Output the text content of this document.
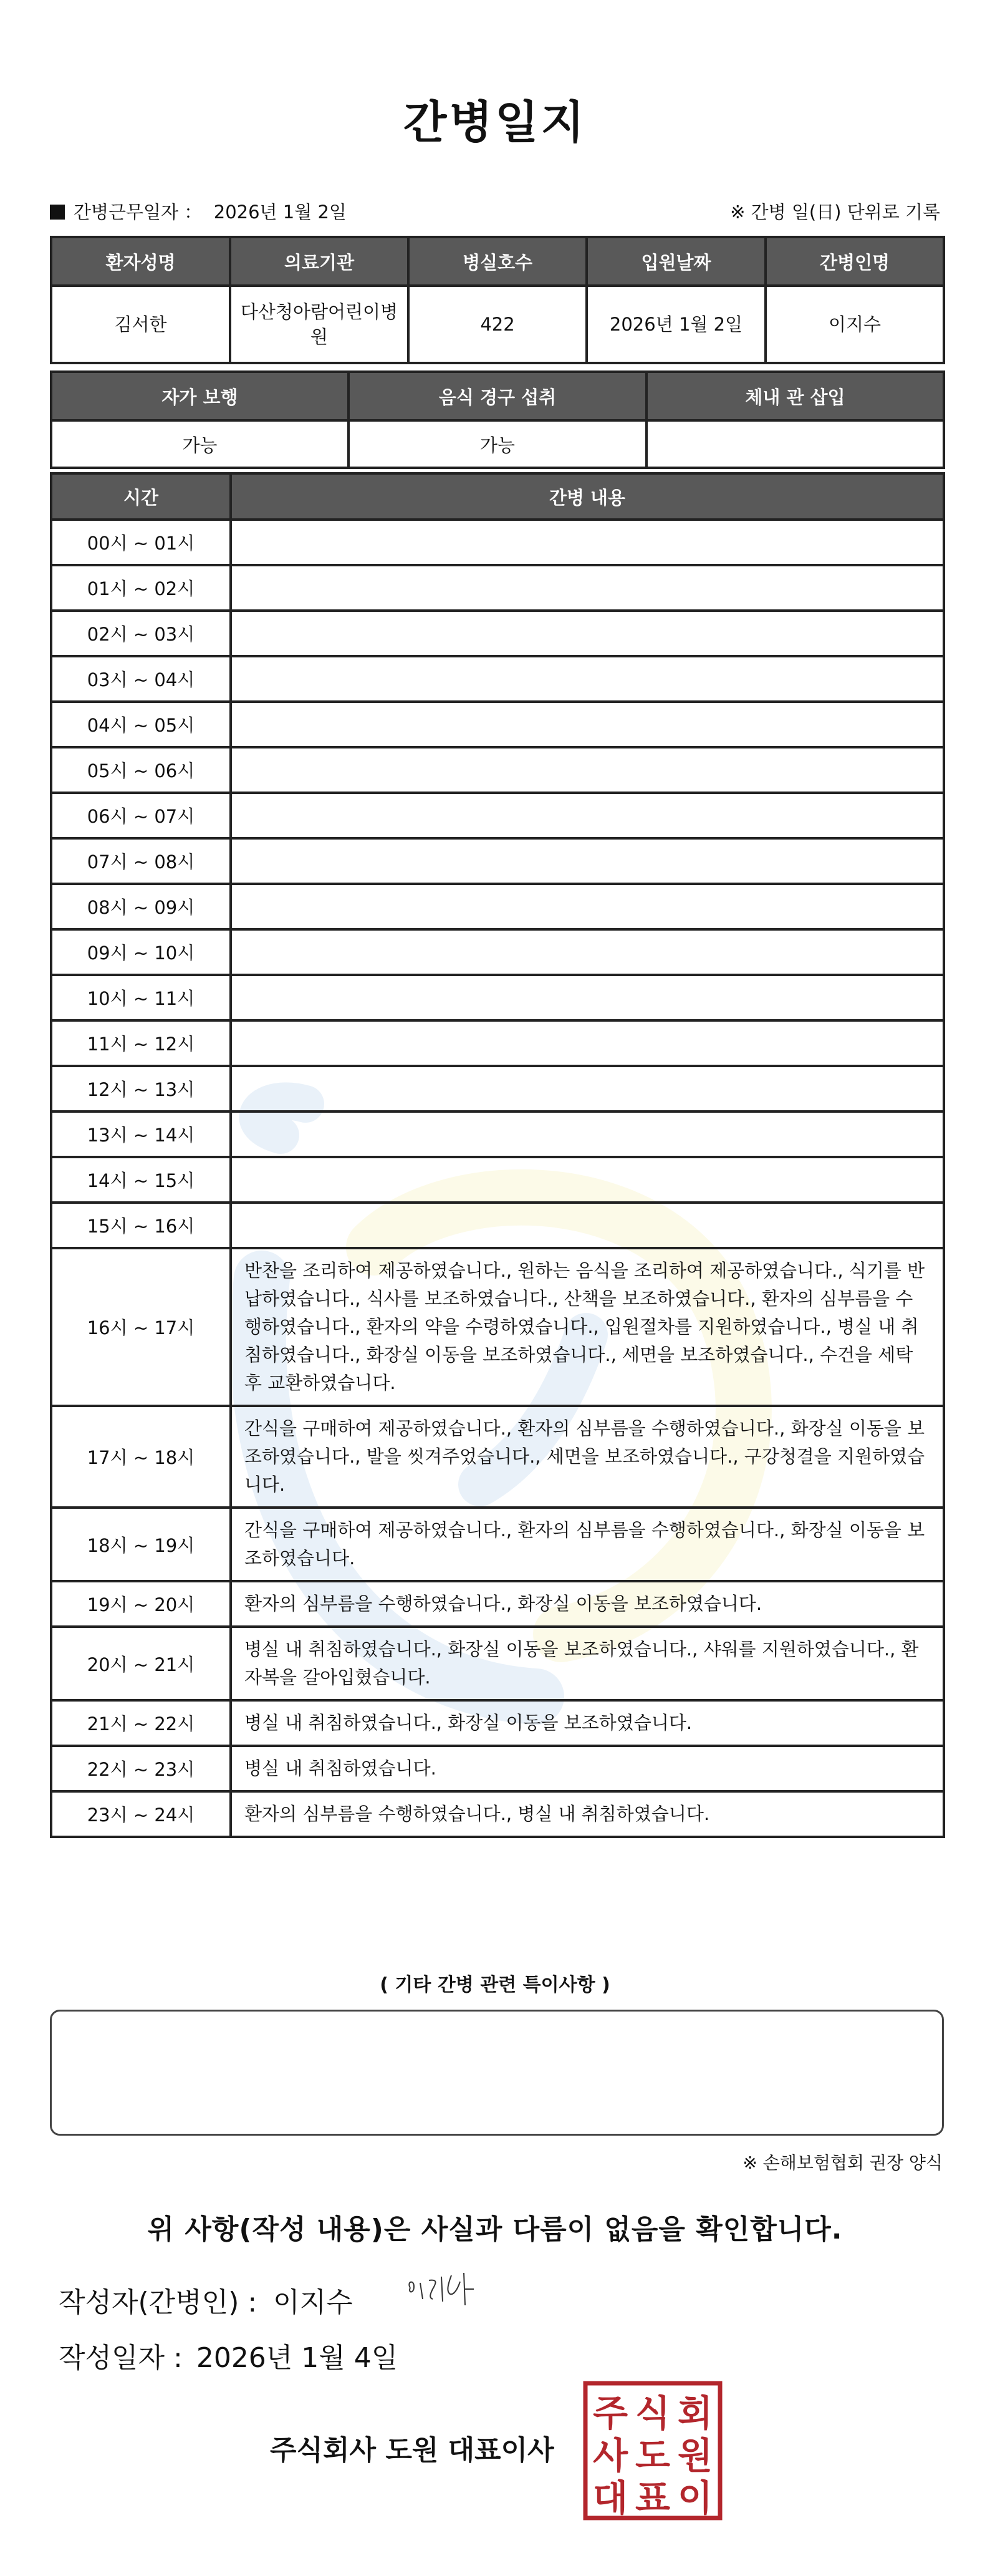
간병일지
간병근무일자 ： 2026년 1월 2일	※ 간병 일(日) 단위로 기록
환자성명	의료기관	병실호수	입원날짜	간병인명
김서한	다산청아람어린이병원	422	2026년 1월 2일	이지수
자가 보행	음식 경구 섭취	체내 관 삽입
가능	가능	
시간	간병 내용
00시 ~ 01시	
01시 ~ 02시	
02시 ~ 03시	
03시 ~ 04시	
04시 ~ 05시	
05시 ~ 06시	
06시 ~ 07시	
07시 ~ 08시	
08시 ~ 09시	
09시 ~ 10시	
10시 ~ 11시	
11시 ~ 12시	
12시 ~ 13시	
13시 ~ 14시	
14시 ~ 15시	
15시 ~ 16시	
16시 ~ 17시	반찬을 조리하여 제공하였습니다., 원하는 음식을 조리하여 제공하였습니다., 식기를 반납하였습니다., 식사를 보조하였습니다., 산책을 보조하였습니다., 환자의 심부름을 수행하였습니다., 환자의 약을 수령하였습니다., 입원절차를 지원하였습니다., 병실 내 취침하였습니다., 화장실 이동을 보조하였습니다., 세면을 보조하였습니다., 수건을 세탁 후 교환하였습니다.
17시 ~ 18시	간식을 구매하여 제공하였습니다., 환자의 심부름을 수행하였습니다., 화장실 이동을 보조하였습니다., 발을 씻겨주었습니다., 세면을 보조하였습니다., 구강청결을 지원하였습니다.
18시 ~ 19시	간식을 구매하여 제공하였습니다., 환자의 심부름을 수행하였습니다., 화장실 이동을 보조하였습니다.
19시 ~ 20시	환자의 심부름을 수행하였습니다., 화장실 이동을 보조하였습니다.
20시 ~ 21시	병실 내 취침하였습니다., 화장실 이동을 보조하였습니다., 샤워를 지원하였습니다., 환자복을 갈아입혔습니다.
21시 ~ 22시	병실 내 취침하였습니다., 화장실 이동을 보조하였습니다.
22시 ~ 23시	병실 내 취침하였습니다.
23시 ~ 24시	환자의 심부름을 수행하였습니다., 병실 내 취침하였습니다.
( 기타 간병 관련 특이사항 )
※ 손해보험협회 권장 양식
위 사항(작성 내용)은 사실과 다름이 없음을 확인합니다.
작성자(간병인) : 이지수
작성일자 : 2026년 1월 4일
주식회사 도원 대표이사
주 식 회
사 도 원
대 표 이
